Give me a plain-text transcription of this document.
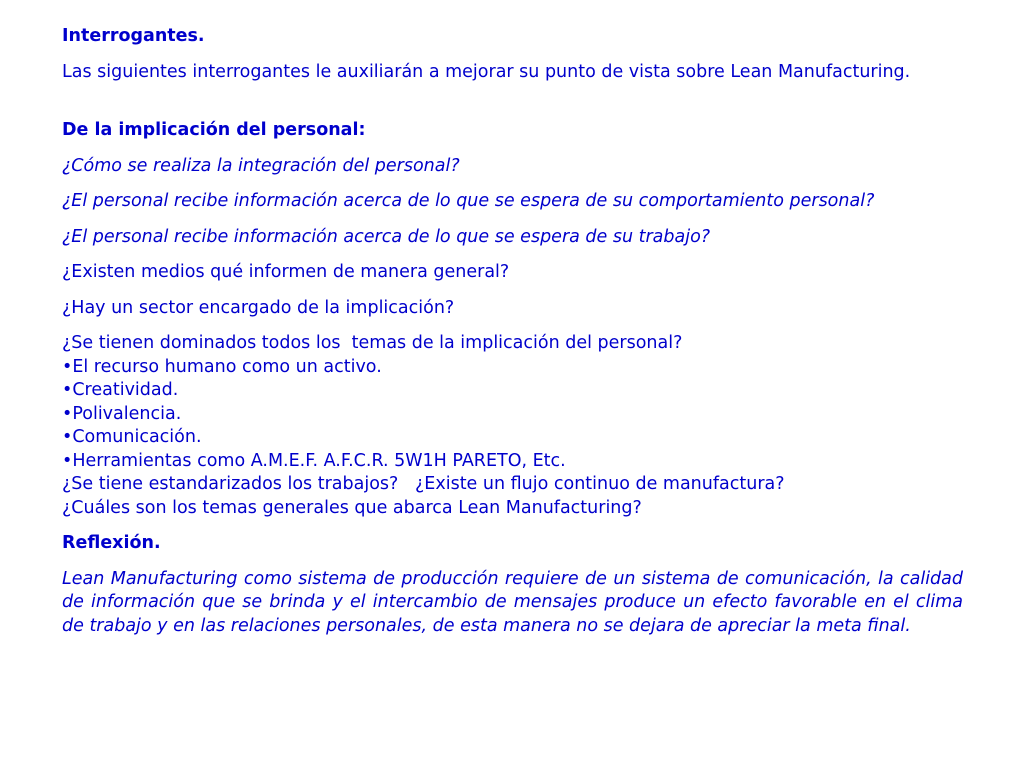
Interrogantes.

Las siguientes interrogantes le auxiliarán a mejorar su punto de vista sobre Lean Manufacturing.

De la implicación del personal:

¿Cómo se realiza la integración del personal?

¿El personal recibe información acerca de lo que se espera de su comportamiento personal?

¿El personal recibe información acerca de lo que se espera de su trabajo?

¿Existen medios qué informen de manera general?

¿Hay un sector encargado de la implicación?

¿Se tienen dominados todos los  temas de la implicación del personal?

•El recurso humano como un activo.

•Creatividad.

•Polivalencia.

•Comunicación.

•Herramientas como A.M.E.F. A.F.C.R. 5W1H PARETO, Etc.

¿Se tiene estandarizados los trabajos?   ¿Existe un flujo continuo de manufactura?

¿Cuáles son los temas generales que abarca Lean Manufacturing?

Reflexión.

Lean Manufacturing como sistema de producción requiere de un sistema de comunicación, la calidad de información que se brinda y el intercambio de mensajes produce un efecto favorable en el clima de trabajo y en las relaciones personales, de esta manera no se dejara de apreciar la meta final.
